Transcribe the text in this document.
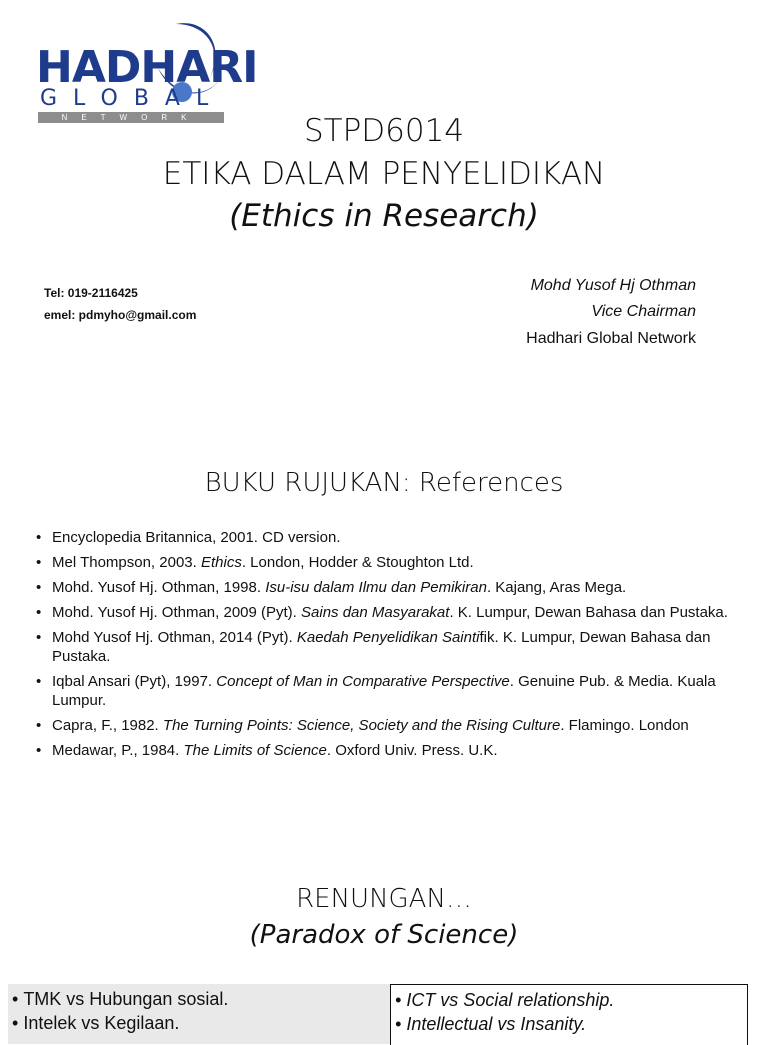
HADHARI
GLOBAL
NETWORK	STPD6014
ETIKA DALAM PENYELIDIKAN
(Ethics in Research)
Tel: 019-2116425
emel: pdmyho@gmail.com
Mohd Yusof Hj Othman
Vice Chairman
Hadhari Global Network
BUKU RUJUKAN: References
• Encyclopedia Britannica, 2001. CD version.
• Mel Thompson, 2003. Ethics. London, Hodder & Stoughton Ltd.
• Mohd. Yusof Hj. Othman, 1998. Isu-isu dalam Ilmu dan Pemikiran. Kajang, Aras Mega.
• Mohd. Yusof Hj. Othman, 2009 (Pyt). Sains dan Masyarakat. K. Lumpur, Dewan Bahasa dan Pustaka.
• Mohd Yusof Hj. Othman, 2014 (Pyt). Kaedah Penyelidikan Saintifik. K. Lumpur, Dewan Bahasa dan Pustaka.
• Iqbal Ansari (Pyt), 1997. Concept of Man in Comparative Perspective. Genuine Pub. & Media. Kuala Lumpur.
• Capra, F., 1982. The Turning Points: Science, Society and the Rising Culture. Flamingo. London
• Medawar, P., 1984. The Limits of Science. Oxford Univ. Press. U.K.
RENUNGAN…
(Paradox of Science)
• TMK vs Hubungan sosial.
• Intelek vs Kegilaan.
• ICT vs Social relationship.
• Intellectual vs Insanity.
